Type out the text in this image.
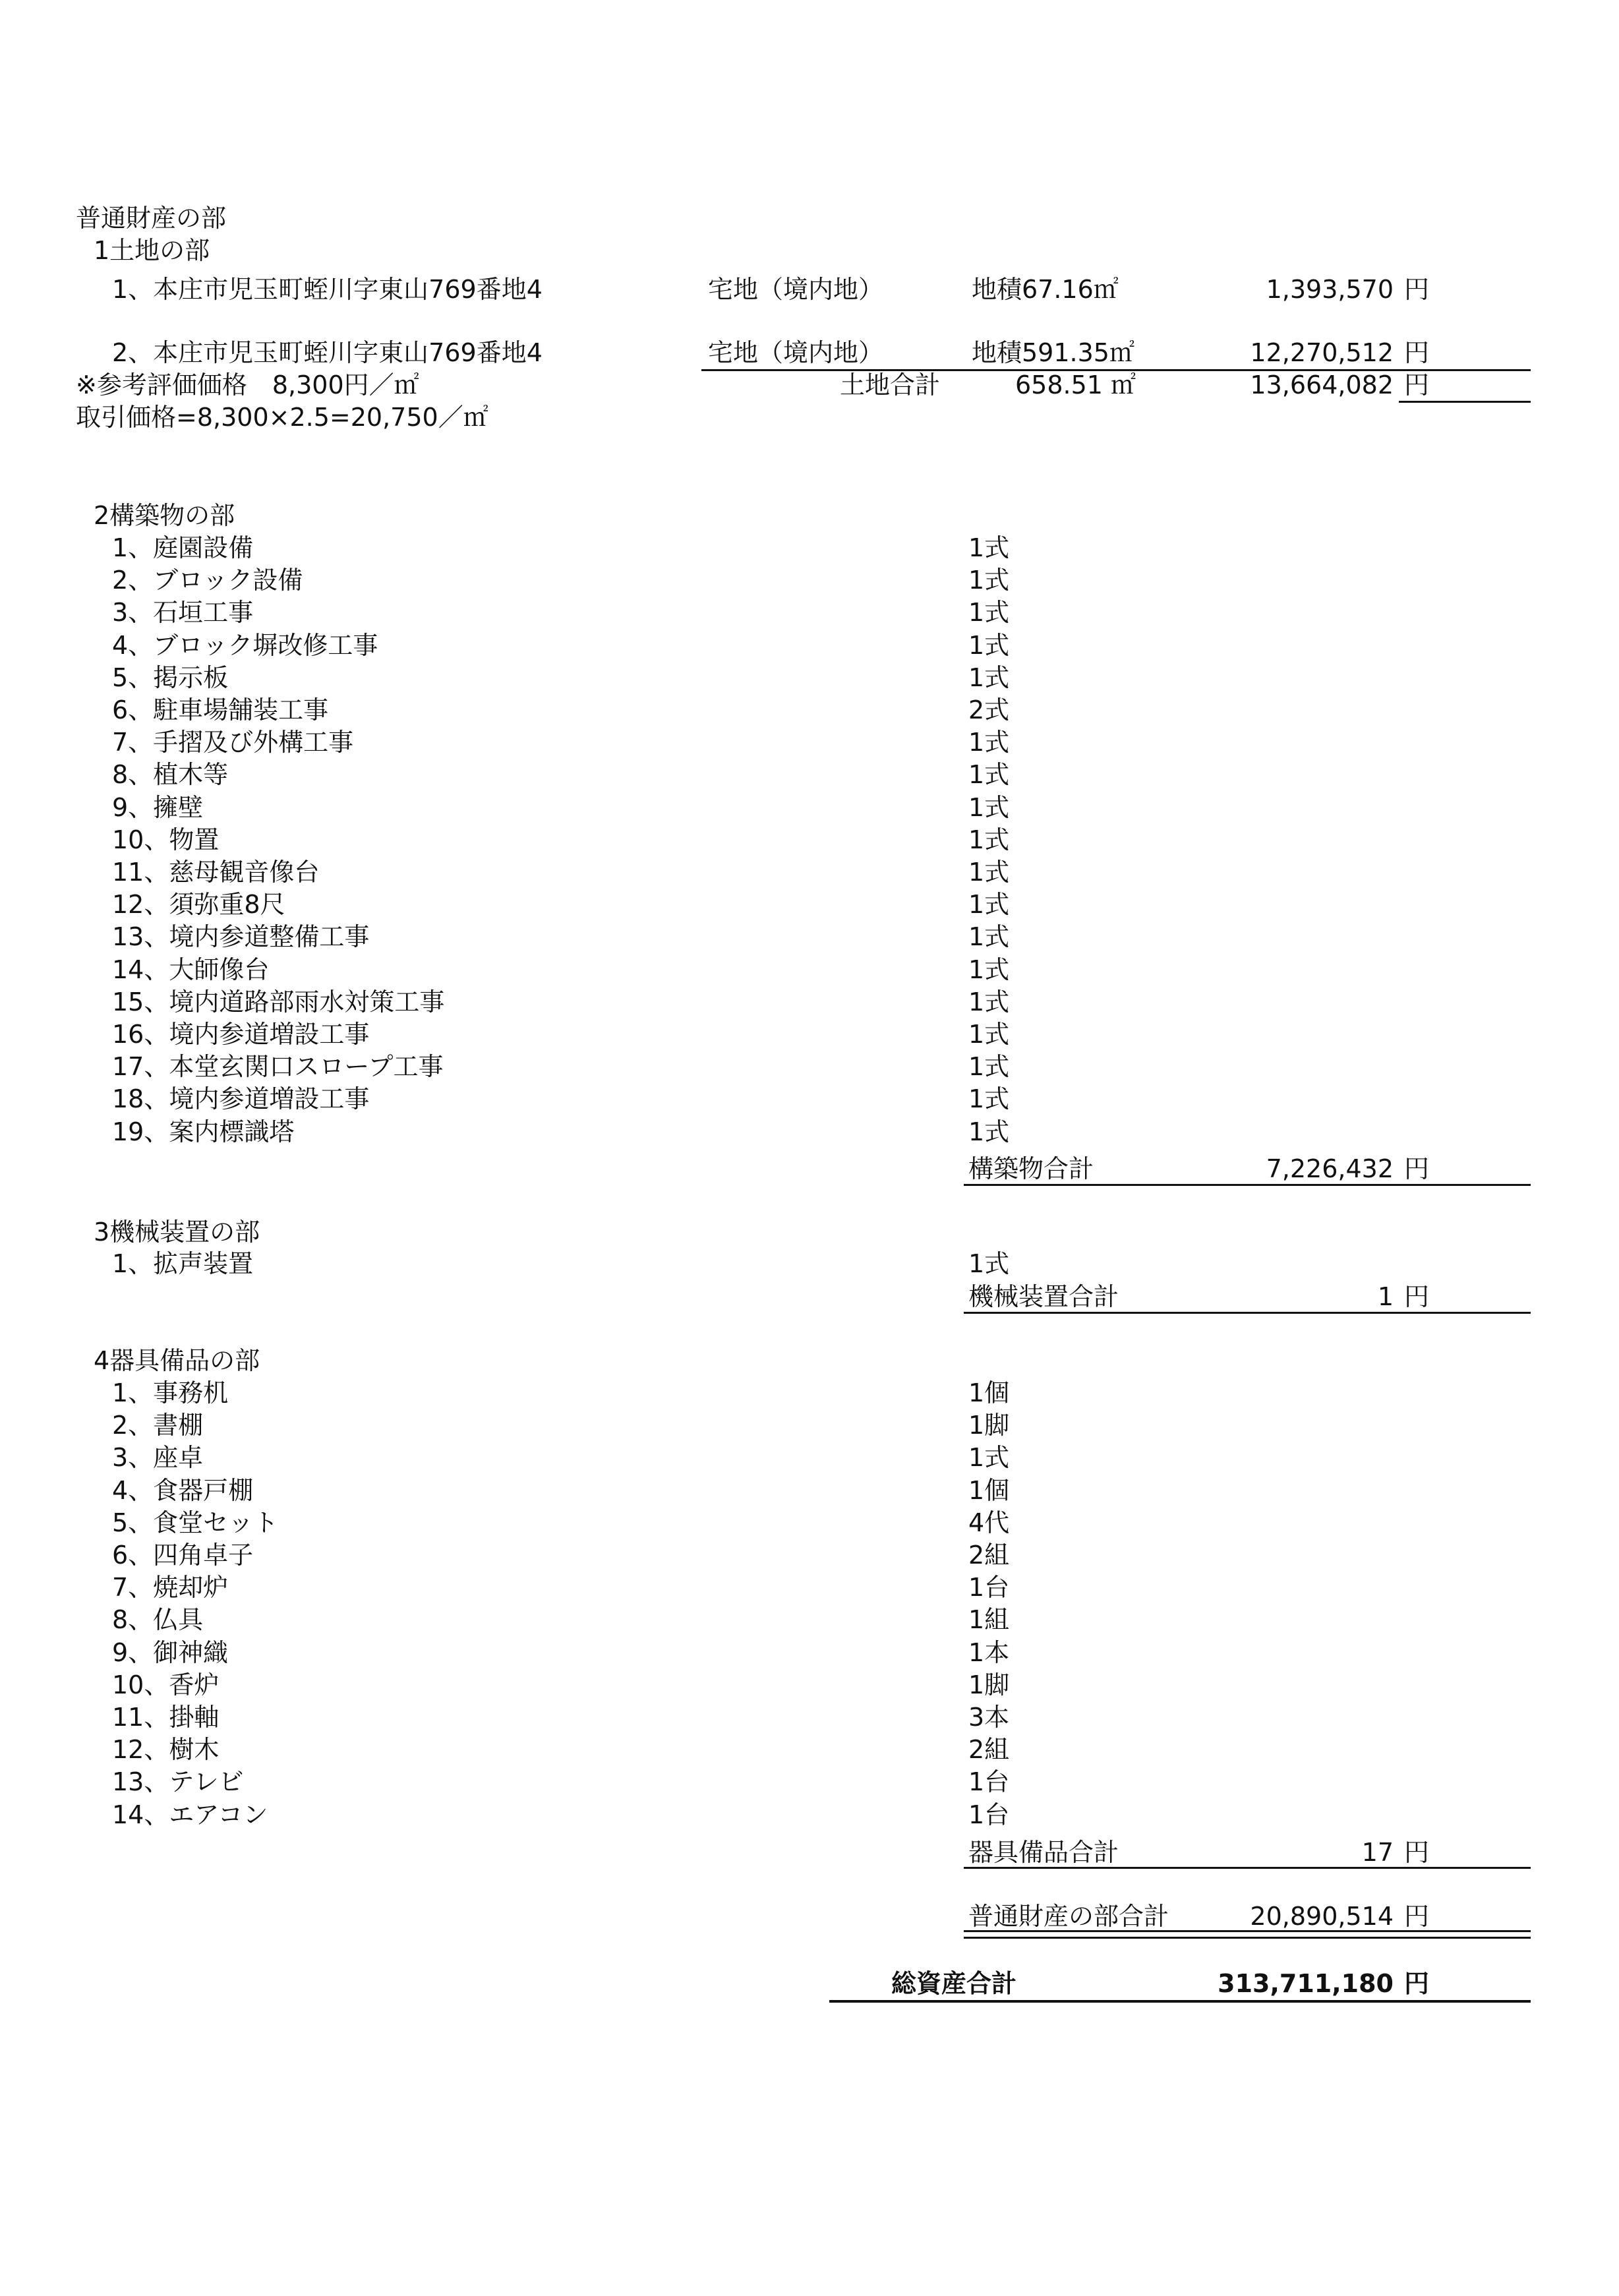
普通財産の部
1土地の部
1、本庄市児玉町蛭川字東山769番地4	宅地（境内地）	地積67.16㎡	1,393,570 円
2、本庄市児玉町蛭川字東山769番地4	宅地（境内地）	地積591.35㎡	12,270,512 円
※参考評価価格　8,300円／㎡	土地合計	658.51 ㎡	13,664,082 円
取引価格=8,300×2.5=20,750／㎡
2構築物の部
1、庭園設備	1式
2、ブロック設備	1式
3、石垣工事	1式
4、ブロック塀改修工事	1式
5、掲示板	1式
6、駐車場舗装工事	2式
7、手摺及び外構工事	1式
8、植木等	1式
9、擁壁	1式
10、物置	1式
11、慈母観音像台	1式
12、須弥重8尺	1式
13、境内参道整備工事	1式
14、大師像台	1式
15、境内道路部雨水対策工事	1式
16、境内参道増設工事	1式
17、本堂玄関口スロープ工事	1式
18、境内参道増設工事	1式
19、案内標識塔	1式
構築物合計	7,226,432 円
3機械装置の部
1、拡声装置	1式
機械装置合計	1 円
4器具備品の部
1、事務机	1個
2、書棚	1脚
3、座卓	1式
4、食器戸棚	1個
5、食堂セット	4代
6、四角卓子	2組
7、焼却炉	1台
8、仏具	1組
9、御神織	1本
10、香炉	1脚
11、掛軸	3本
12、樹木	2組
13、テレビ	1台
14、エアコン	1台
器具備品合計	17 円
普通財産の部合計	20,890,514 円
総資産合計	313,711,180 円
